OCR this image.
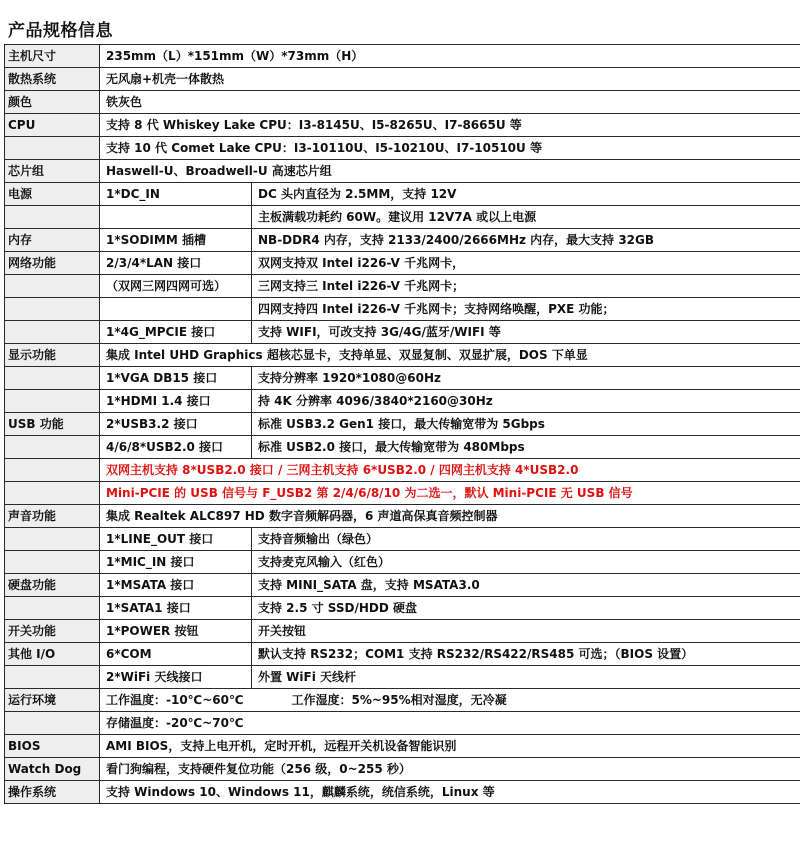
产品规格信息
主机尺寸	235mm（L）*151mm（W）*73mm（H）	
散热系统	无风扇+机壳一体散热	
颜色	铁灰色	
CPU	支持 8 代 Whiskey Lake CPU：I3-8145U、I5-8265U、I7-8665U 等	
	支持 10 代 Comet Lake CPU：I3-10110U、I5-10210U、I7-10510U 等	
芯片组	Haswell-U、Broadwell-U 高速芯片组	
电源	1*DC_IN	DC 头内直径为 2.5MM，支持 12V
		主板满载功耗约 60W。建议用 12V7A 或以上电源
内存	1*SODIMM 插槽	NB-DDR4 内存，支持 2133/2400/2666MHz 内存，最大支持 32GB
网络功能	2/3/4*LAN 接口	双网支持双 Intel i226-V 千兆网卡，
	（双网三网四网可选）	三网支持三 Intel i226-V 千兆网卡；
		四网支持四 Intel i226-V 千兆网卡；支持网络唤醒，PXE 功能；
	1*4G_MPCIE 接口	支持 WIFI，可改支持 3G/4G/蓝牙/WIFI 等
显示功能	集成 Intel UHD Graphics 超核芯显卡，支持单显、双显复制、双显扩展，DOS 下单显	
	1*VGA DB15 接口	支持分辨率 1920*1080@60Hz
	1*HDMI 1.4 接口	持 4K 分辨率 4096/3840*2160@30Hz
USB 功能	2*USB3.2 接口	标准 USB3.2 Gen1 接口，最大传输宽带为 5Gbps
	4/6/8*USB2.0 接口	标准 USB2.0 接口，最大传输宽带为 480Mbps
	双网主机支持 8*USB2.0 接口 / 三网主机支持 6*USB2.0 / 四网主机支持 4*USB2.0	
	Mini-PCIE 的 USB 信号与 F_USB2 第 2/4/6/8/10 为二选一，默认 Mini-PCIE 无 USB 信号	
声音功能	集成 Realtek ALC897 HD 数字音频解码器，6 声道高保真音频控制器	
	1*LINE_OUT 接口	支持音频输出（绿色）
	1*MIC_IN 接口	支持麦克风输入（红色）
硬盘功能	1*MSATA 接口	支持 MINI_SATA 盘，支持 MSATA3.0
	1*SATA1 接口	支持 2.5 寸 SSD/HDD 硬盘
开关功能	1*POWER 按钮	开关按钮
其他 I/O	6*COM	默认支持 RS232；COM1 支持 RS232/RS422/RS485 可选；（BIOS 设置）
	2*WiFi 天线接口	外置 WiFi 天线杆
运行环境	工作温度：-10℃~60℃　　　　工作湿度：5%~95%相对湿度，无冷凝	
	存储温度：-20℃~70℃	
BIOS	AMI BIOS，支持上电开机，定时开机，远程开关机设备智能识别	
Watch Dog	看门狗编程，支持硬件复位功能（256 级，0~255 秒）	
操作系统	支持 Windows 10、Windows 11，麒麟系统，统信系统，Linux 等	
